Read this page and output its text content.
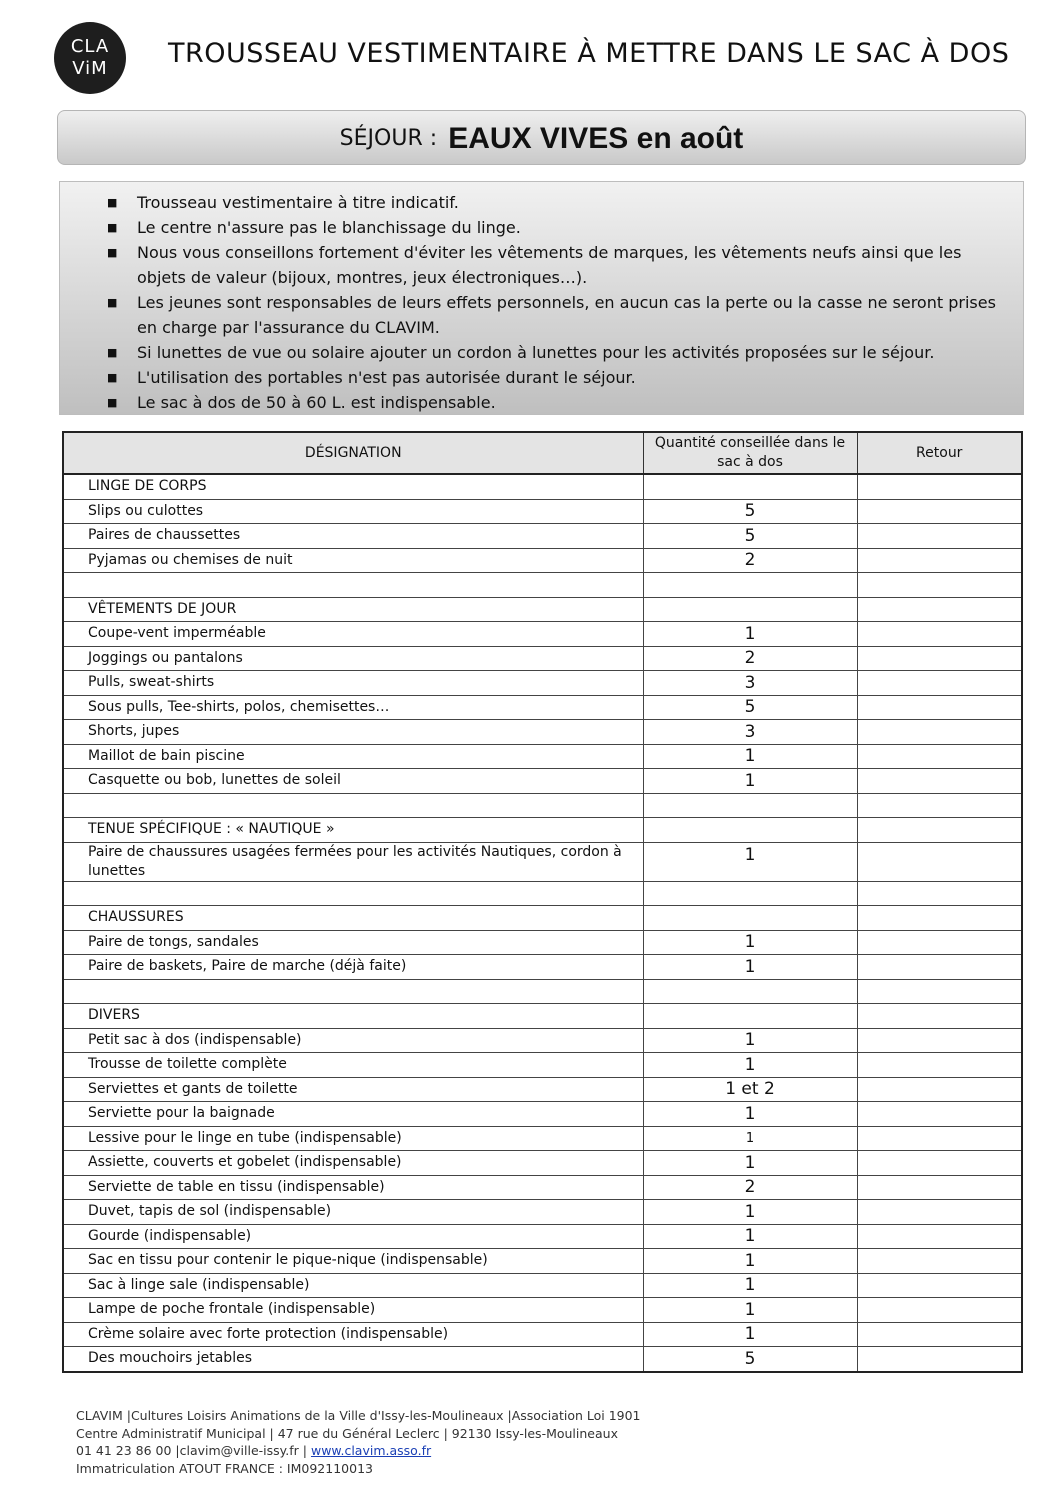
CLA
ViM	TROUSSEAU VESTIMENTAIRE À METTRE DANS LE SAC À DOS
SÉJOUR : EAUX VIVES en août
■ Trousseau vestimentaire à titre indicatif.
■ Le centre n'assure pas le blanchissage du linge.
■ Nous vous conseillons fortement d'éviter les vêtements de marques, les vêtements neufs ainsi que les objets de valeur (bijoux, montres, jeux électroniques…).
■ Les jeunes sont responsables de leurs effets personnels, en aucun cas la perte ou la casse ne seront prises en charge par l'assurance du CLAVIM.
■ Si lunettes de vue ou solaire ajouter un cordon à lunettes pour les activités proposées sur le séjour.
■ L'utilisation des portables n'est pas autorisée durant le séjour.
■ Le sac à dos de 50 à 60 L. est indispensable.
DÉSIGNATION	Quantité conseillée dans le sac à dos	Retour
LINGE DE CORPS		
Slips ou culottes	5	
Paires de chaussettes	5	
Pyjamas ou chemises de nuit	2	

VÊTEMENTS DE JOUR		
Coupe-vent imperméable	1	
Joggings ou pantalons	2	
Pulls, sweat-shirts	3	
Sous pulls, Tee-shirts, polos, chemisettes…	5	
Shorts, jupes	3	
Maillot de bain piscine	1	
Casquette ou bob, lunettes de soleil	1	

TENUE SPÉCIFIQUE : « NAUTIQUE »		
Paire de chaussures usagées fermées pour les activités Nautiques, cordon à lunettes	1	

CHAUSSURES		
Paire de tongs, sandales	1	
Paire de baskets, Paire de marche (déjà faite)	1	

DIVERS		
Petit sac à dos (indispensable)	1	
Trousse de toilette complète	1	
Serviettes et gants de toilette	1 et 2	
Serviette pour la baignade	1	
Lessive pour le linge en tube (indispensable)	1	
Assiette, couverts et gobelet (indispensable)	1	
Serviette de table en tissu (indispensable)	2	
Duvet, tapis de sol (indispensable)	1	
Gourde (indispensable)	1	
Sac en tissu pour contenir le pique-nique (indispensable)	1	
Sac à linge sale (indispensable)	1	
Lampe de poche frontale (indispensable)	1	
Crème solaire avec forte protection (indispensable)	1	
Des mouchoirs jetables	5	
CLAVIM |Cultures Loisirs Animations de la Ville d'Issy-les-Moulineaux |Association Loi 1901
Centre Administratif Municipal | 47 rue du Général Leclerc | 92130 Issy-les-Moulineaux
01 41 23 86 00 |clavim@ville-issy.fr | www.clavim.asso.fr
Immatriculation ATOUT FRANCE : IM092110013
